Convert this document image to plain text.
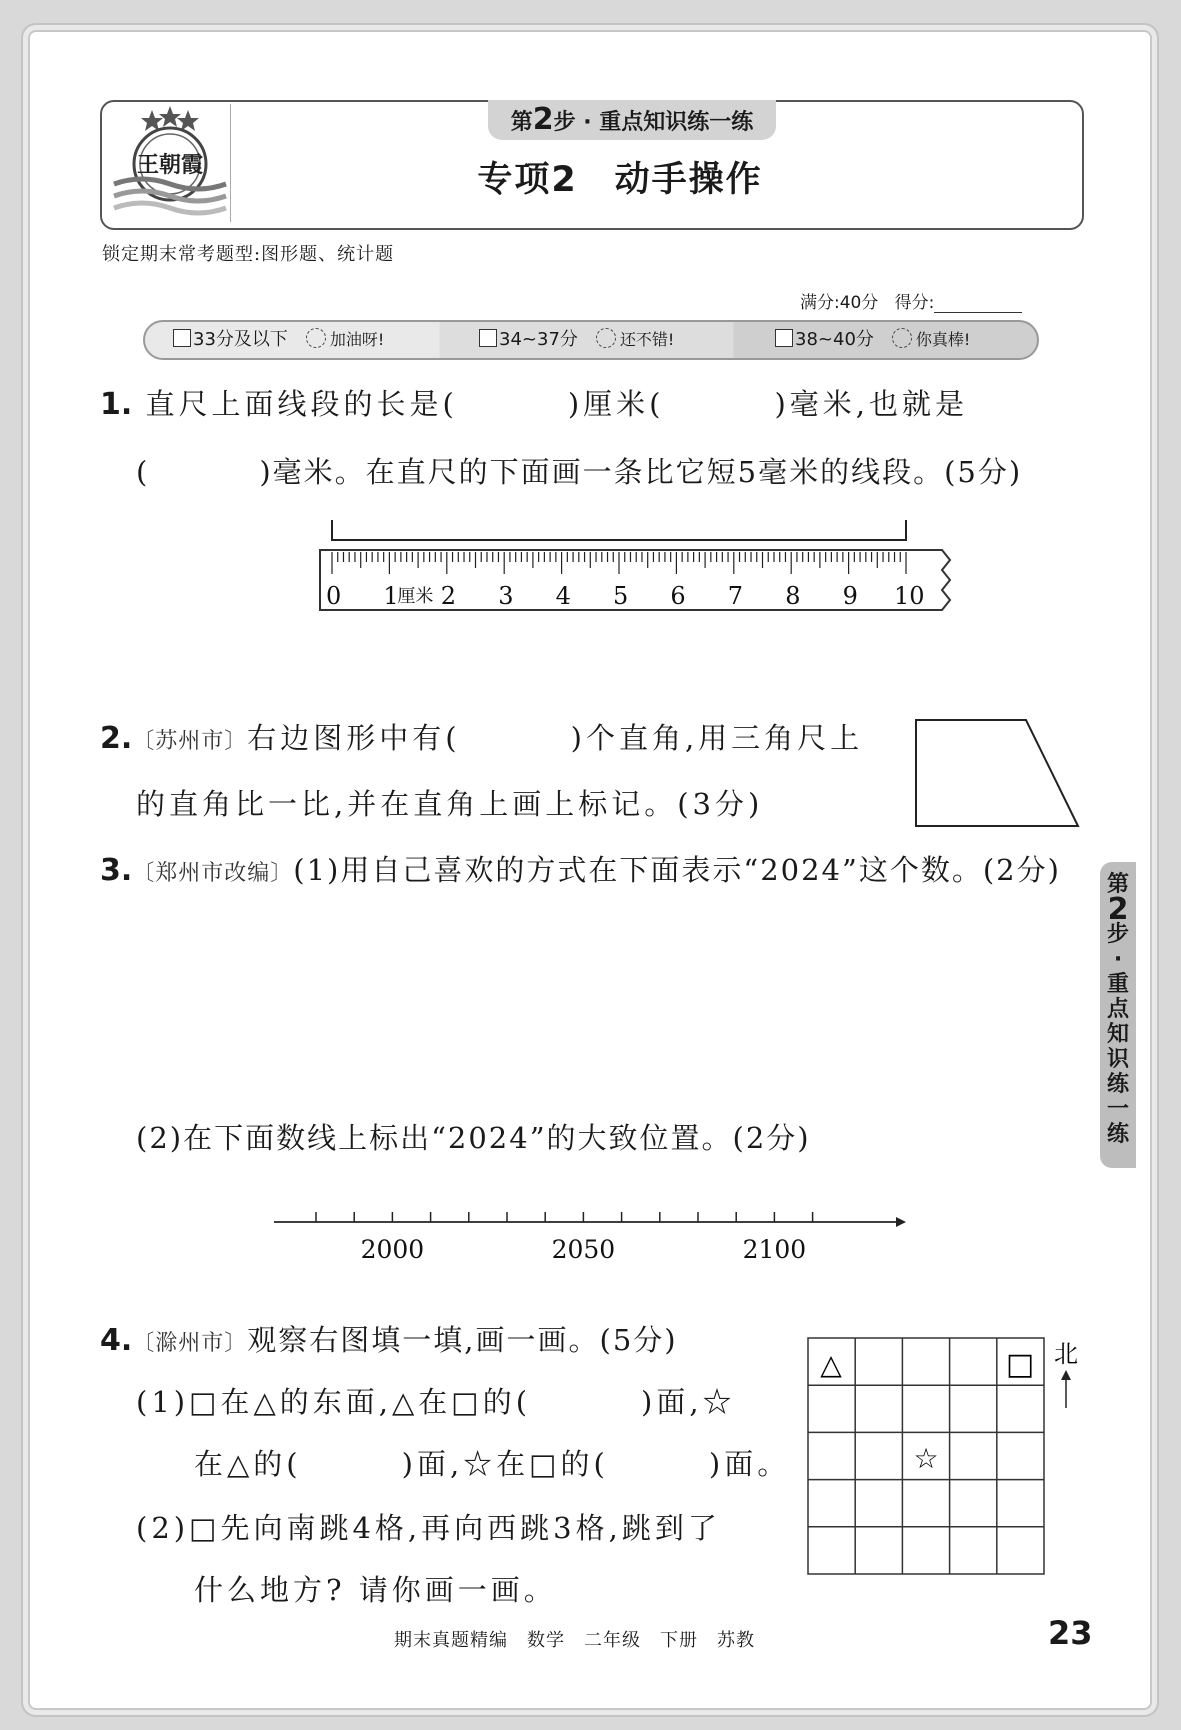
王朝霞
第2步 · 重点知识练一练
专项2　动手操作
锁定期末常考题型:图形题、统计题
满分:40分 得分:
33分及以下	加油呀!	34~37分	还不错!	38~40分	你真棒!
1. 直尺上面线段的长是(	)厘米(	)毫米,也就是
(	)毫米。在直尺的下面画一条比它短5毫米的线段。(5分)
0 1
厘米 2 3 4 5 6 7 8 9 10
2.〔苏州市〕右边图形中有(	)个直角,用三角尺上
的直角比一比,并在直角上画上标记。(3分)
3.〔郑州市改编〕(1)用自己喜欢的方式在下面表示“2024”这个数。(2分)
(2)在下面数线上标出“2024”的大致位置。(2分)
2000	2050	2100
4.〔滁州市〕观察右图填一填,画一画。(5分)
(1)□在△的东面,△在□的(	)面,☆
在△的(	)面,☆在□的(	)面。
(2)□先向南跳4格,再向西跳3格,跳到了
什么地方? 请你画一画。
△	□
☆
北
第
2
步
·
重
点
知
识
练
一
练
期末真题精编　数学　二年级　下册　苏教	23
